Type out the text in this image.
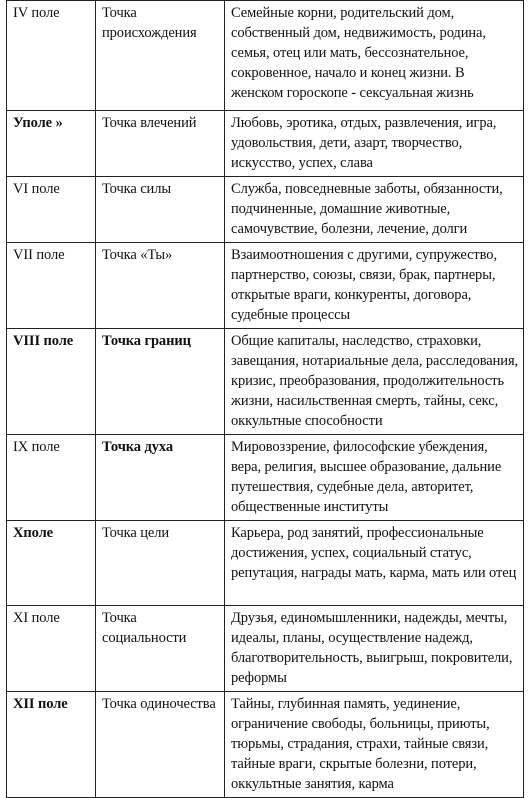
IV поле	Точка происхождения	Семейные корни, родительский дом, собственный дом, недвижимость, родина, семья, отец или мать, бессознательное, сокровенное, начало и конец жизни. В женском гороскопе - сексуальная жизнь
Уполе »	Точка влечений	Любовь, эротика, отдых, развлечения, игра, удовольствия, дети, азарт, творчество, искусство, успех, слава
VI поле	Точка силы	Служба, повседневные заботы, обязанности, подчиненные, домашние животные, самочувствие, болезни, лечение, долги
VII поле	Точка «Ты»	Взаимоотношения с другими, супружество, партнерство, союзы, связи, брак, партнеры, открытые враги, конкуренты, договора, судебные процессы
VIII поле	Точка границ	Общие капиталы, наследство, страховки, завещания, нотариальные дела, расследования, кризис, преобразования, продолжительность жизни, насильственная смерть, тайны, секс, оккультные способности
IX поле	Точка духа	Мировоззрение, философские убеждения, вера, религия, высшее образование, дальние путешествия, судебные дела, авторитет, общественные институты
Хполе	Точка цели	Карьера, род занятий, профессиональные достижения, успех, социальный статус, репутация, награды мать, карма, мать или отец
XI поле	Точка социальности	Друзья, единомышленники, надежды, мечты, идеалы, планы, осуществление надежд, благотворительность, выигрыш, покровители, реформы
XII поле	Точка одиночества	Тайны, глубинная память, уединение, ограничение свободы, больницы, приюты, тюрьмы, страдания, страхи, тайные связи, тайные враги, скрытые болезни, потери, оккультные занятия, карма
